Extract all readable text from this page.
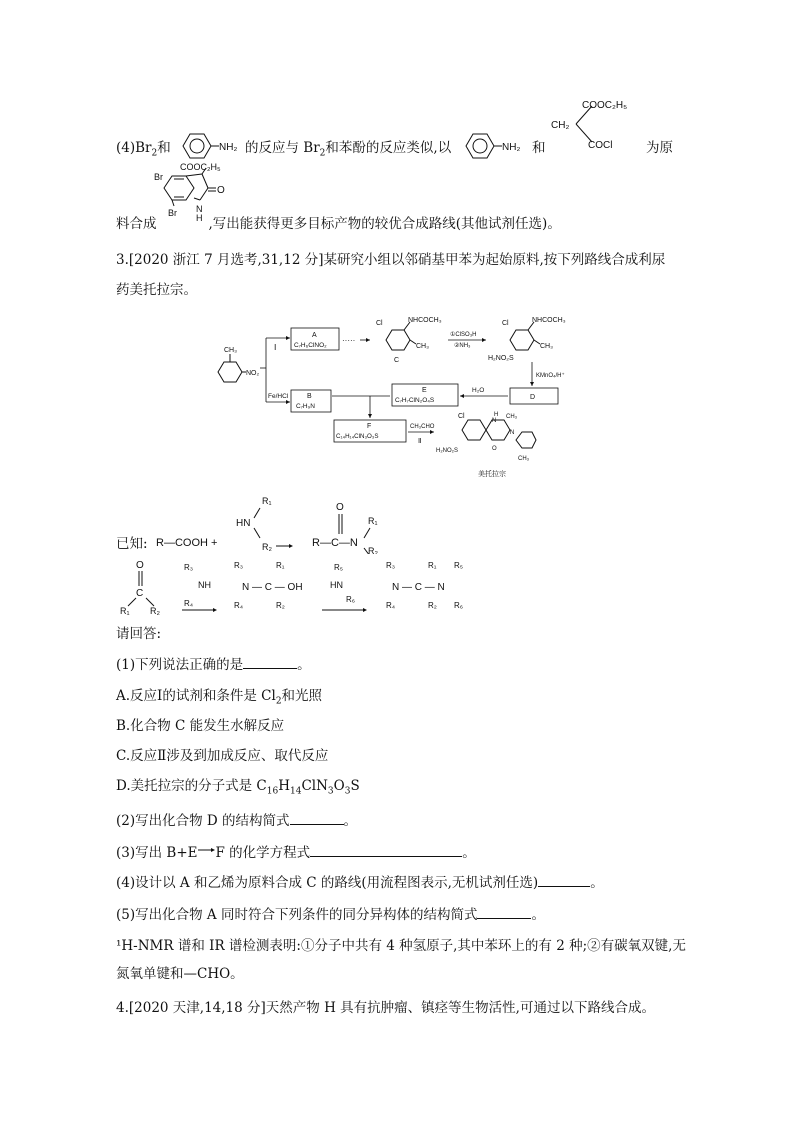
$(4)Br_2$和	NH₂ 的反应与 $Br_2$和苯酚的反应类似,以	NH₂ 和
COOC₂H₅
CH₂
COCl 为原
O
COOC₂H₅
Br
Br N
H
料合成	,写出能获得更多目标产物的较优合成路线(其他试剂任选)。
3.[2020 浙江 7 月选考,31,12 分]某研究小组以邻硝基甲苯为起始原料,按下列路线合成利尿
药美托拉宗。
CH₃
NO₂
Ⅰ
Fe/HCl
A
C₇H₆ClNO₂
·····
Cl	NHCOCH₃
C
CH₃
①ClSO₃H
②NH₃
Cl	NHCOCH₃
H₂NO₂S
CH₃
KMnO₄/H⁺
D
H₂O
E
C₇H₇ClN₂O₄S
B
C₇H₉N
F
C₁₄H₁₄ClN₃O₃S
CH₃CHO
Ⅱ
Cl	H
N
CH₃
N
O
H₂NO₂S
CH₃
美托拉宗
R—COOH +
R₁
HN
R₂	R—C—N
O
R₁
R₂
已知:
O
C
R₁ R₂
R₃
NH
R₄
R₃
N — C — OH
R₁
R₄	R₂
R₅
HN
R₆
R₃
N — C — N
R₁ R₅
R₄	R₂ R₆
请回答:
(1)下列说法正确的是	。
A.反应Ⅰ的试剂和条件是 $Cl_2$和光照
B.化合物 C 能发生水解反应
C.反应Ⅱ涉及到加成反应、取代反应
D.美托拉宗的分子式是 $C_{16}H_{14}ClN_3O_3S$
(2)写出化合物 D 的结构简式	。
(3)写出 B+E→F 的化学方程式	。
(4)设计以 A 和乙烯为原料合成 C 的路线(用流程图表示,无机试剂任选)	。
(5)写出化合物 A 同时符合下列条件的同分异构体的结构简式	。
¹H-NMR 谱和 IR 谱检测表明:①分子中共有 4 种氢原子,其中苯环上的有 2 种;②有碳氧双键,无
氮氧单键和—CHO。
4.[2020 天津,14,18 分]天然产物 H 具有抗肿瘤、镇痉等生物活性,可通过以下路线合成。
